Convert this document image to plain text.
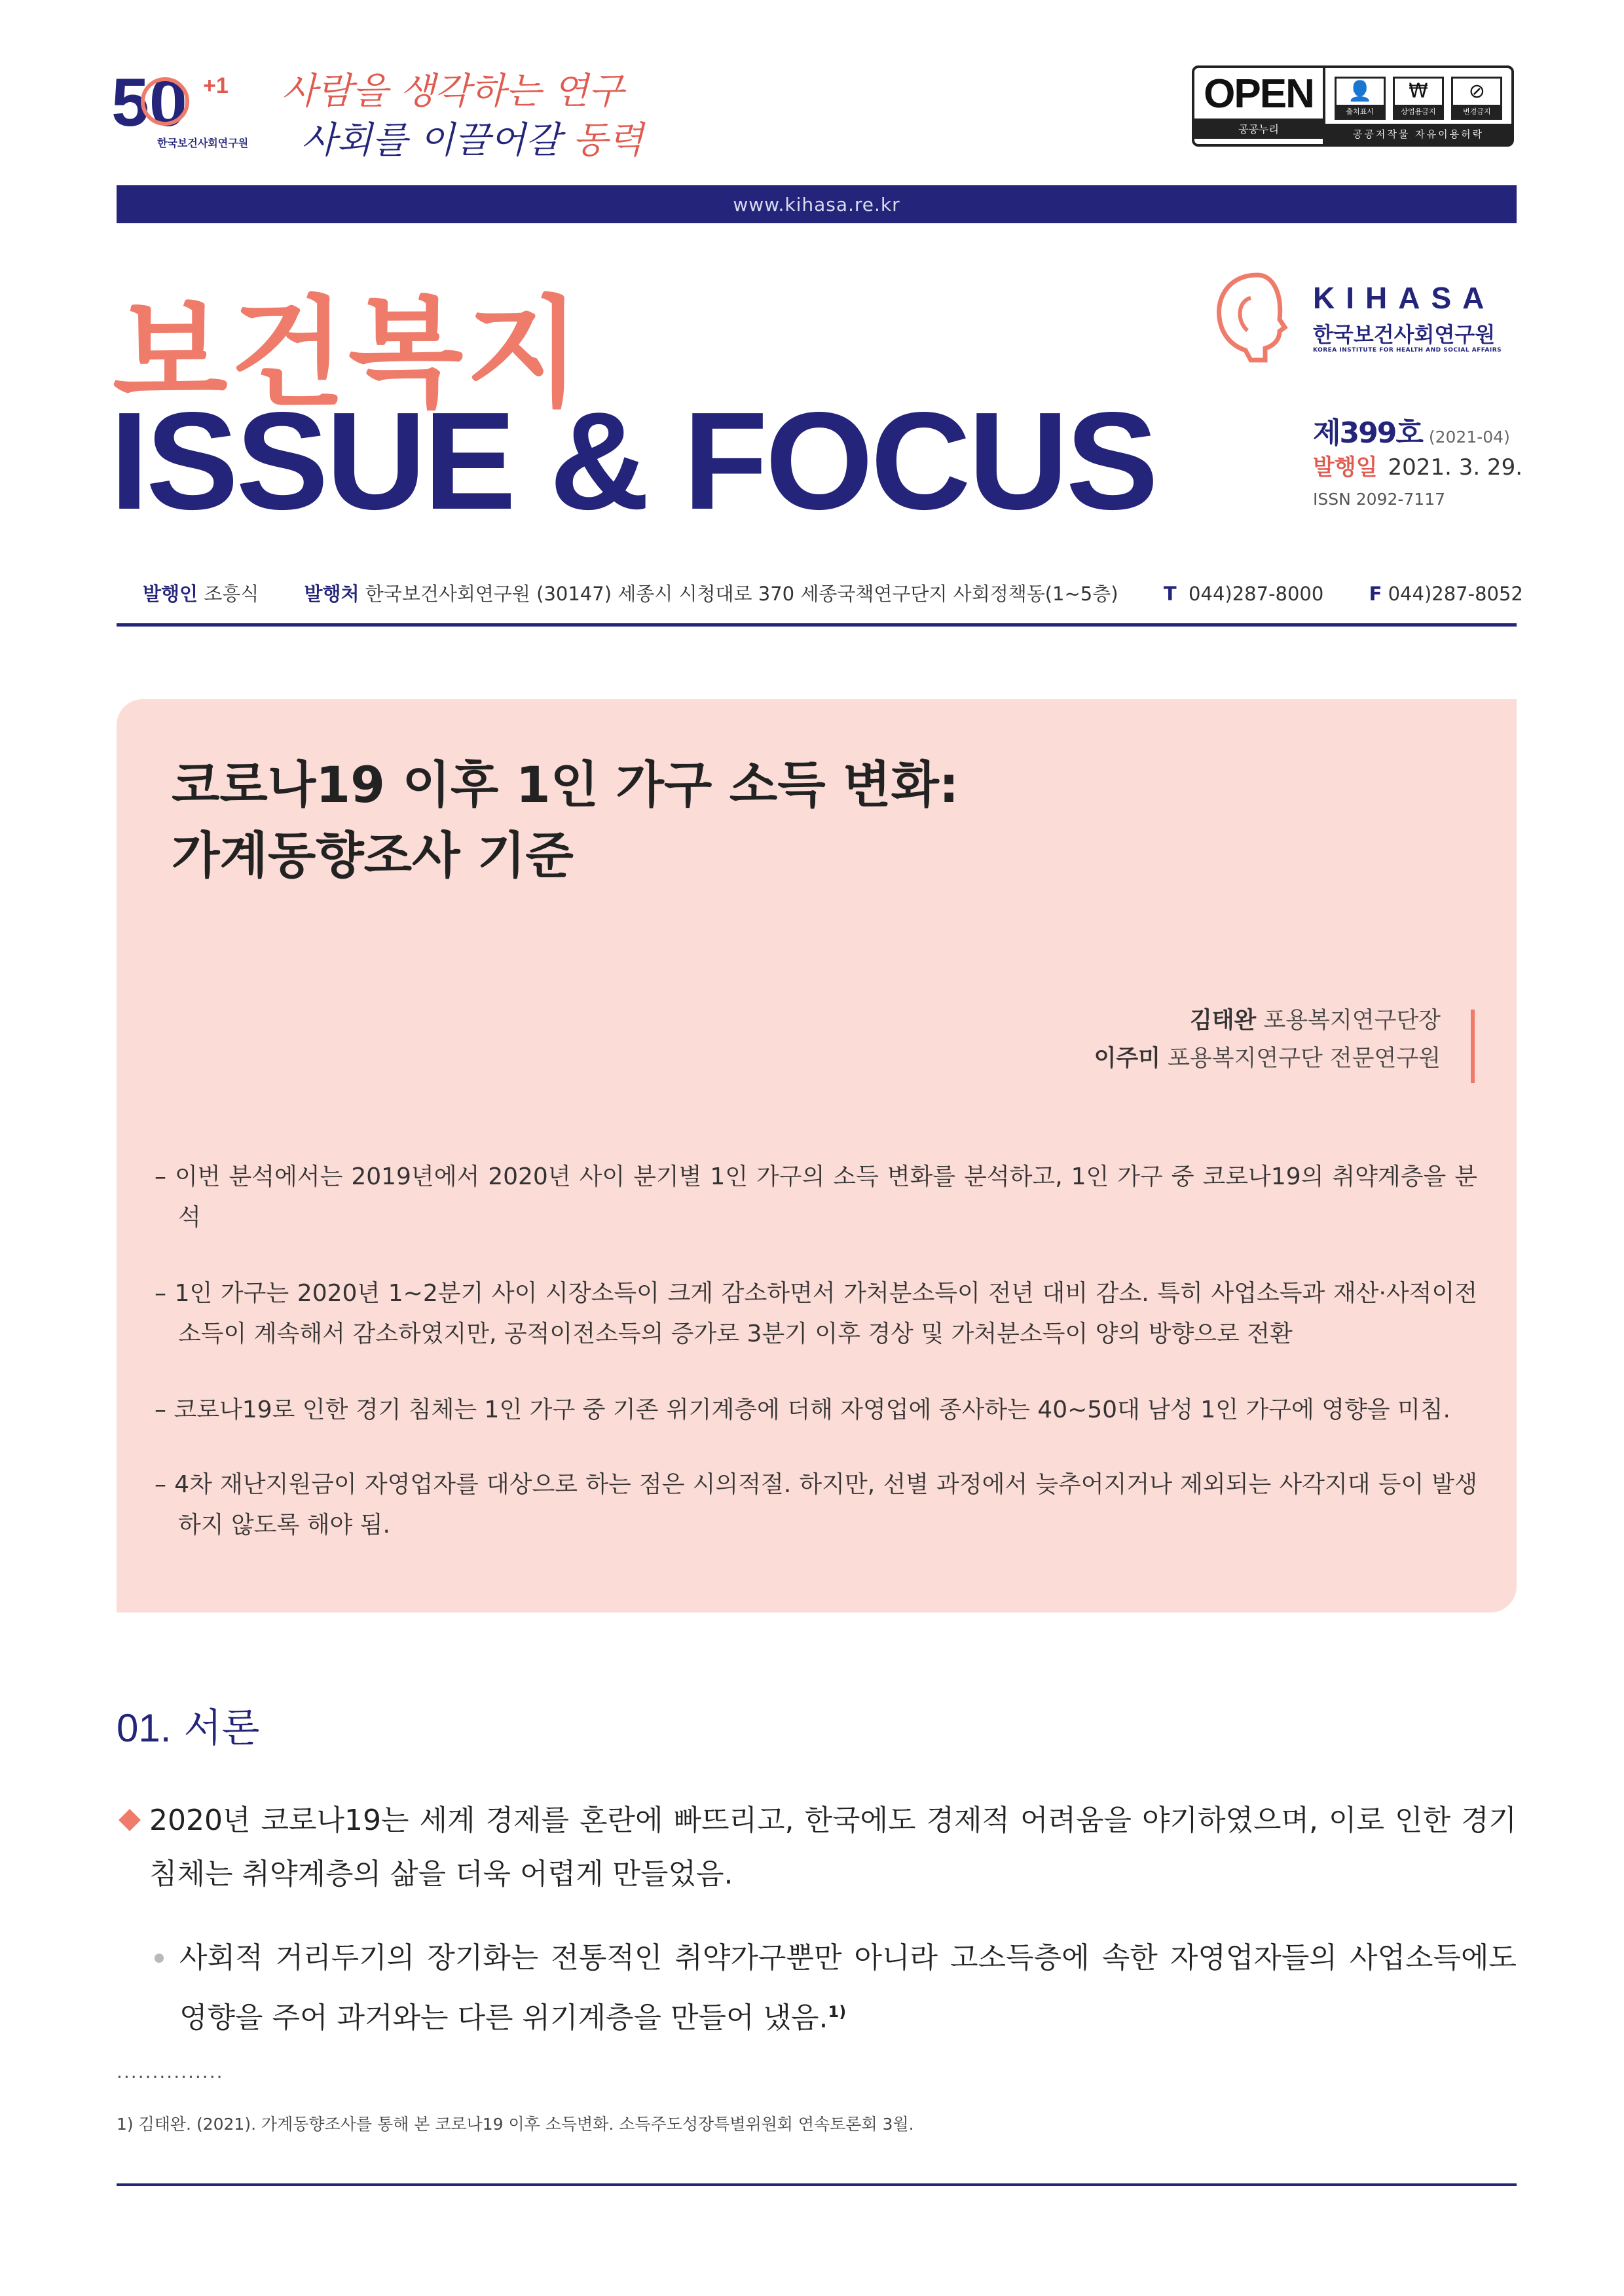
50 +1
한국보건사회연구원
사람을 생각하는 연구
사회를 이끌어갈 동력
OPEN
공공누리
👤
출처표시
₩
상업용금지
⊘
변경금지
공공저작물 자유이용허락
www.kihasa.re.kr
보건복지
ISSUE & FOCUS
KIHASA
한국보건사회연구원
KOREA INSTITUTE FOR HEALTH AND SOCIAL AFFAIRS
제399호 (2021-04)
발행일 2021. 3. 29.
ISSN 2092-7117
발행인 조흥식 발행처 한국보건사회연구원 (30147) 세종시 시청대로 370 세종국책연구단지 사회정책동(1~5층) T 044)287-8000 F 044)287-8052
코로나19 이후 1인 가구 소득 변화:
가계동향조사 기준
김태완 포용복지연구단장
이주미 포용복지연구단 전문연구원
– 이번 분석에서는 2019년에서 2020년 사이 분기별 1인 가구의 소득 변화를 분석하고, 1인 가구 중 코로나19의 취약계층을 분석
– 1인 가구는 2020년 1~2분기 사이 시장소득이 크게 감소하면서 가처분소득이 전년 대비 감소. 특히 사업소득과 재산·사적이전소득이 계속해서 감소하였지만, 공적이전소득의 증가로 3분기 이후 경상 및 가처분소득이 양의 방향으로 전환
– 코로나19로 인한 경기 침체는 1인 가구 중 기존 위기계층에 더해 자영업에 종사하는 40~50대 남성 1인 가구에 영향을 미침.
– 4차 재난지원금이 자영업자를 대상으로 하는 점은 시의적절. 하지만, 선별 과정에서 늦추어지거나 제외되는 사각지대 등이 발생하지 않도록 해야 됨.
01. 서론
2020년 코로나19는 세계 경제를 혼란에 빠뜨리고, 한국에도 경제적 어려움을 야기하였으며, 이로 인한 경기 침체는 취약계층의 삶을 더욱 어렵게 만들었음.
사회적 거리두기의 장기화는 전통적인 취약가구뿐만 아니라 고소득층에 속한 자영업자들의 사업소득에도 영향을 주어 과거와는 다른 위기계층을 만들어 냈음.$^{1)}$
...............
1) 김태완. (2021). 가계동향조사를 통해 본 코로나19 이후 소득변화. 소득주도성장특별위원회 연속토론회 3월.
